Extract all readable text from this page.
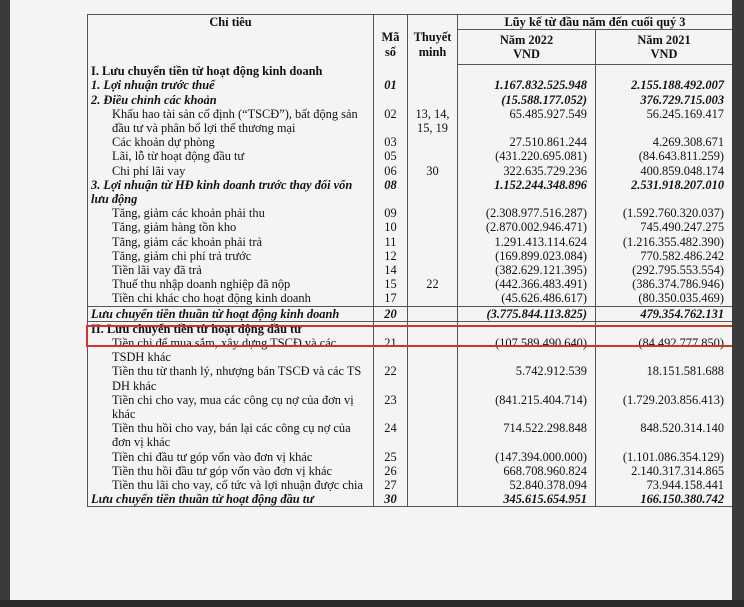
Chỉ tiêu	Mã số	Thuyết minh	Lũy kế từ đầu năm đến cuối quý 3	
			Năm 2022	Năm 2021
			VND	VND
I. Lưu chuyển tiền từ hoạt động kinh doanh				
1. Lợi nhuận trước thuế	01		1.167.832.525.948	2.155.188.492.007
2. Điều chỉnh các khoản			(15.588.177.052)	376.729.715.003
Khấu hao tài sản cố định (“TSCĐ”), bất động sản đầu tư và phân bổ lợi thế thương mại	02	13, 14, 15, 19	65.485.927.549	56.245.169.417
Các khoản dự phòng	03		27.510.861.244	4.269.308.671
Lãi, lỗ từ hoạt động đầu tư	05		(431.220.695.081)	(84.643.811.259)
Chi phí lãi vay	06	30	322.635.729.236	400.859.048.174
3. Lợi nhuận từ HĐ kinh doanh trước thay đổi vốn lưu động	08		1.152.244.348.896	2.531.918.207.010
Tăng, giảm các khoản phải thu	09		(2.308.977.516.287)	(1.592.760.320.037)
Tăng, giảm hàng tồn kho	10		(2.870.002.946.471)	745.490.247.275
Tăng, giảm các khoản phải trả	11		1.291.413.114.624	(1.216.355.482.390)
Tăng, giảm chi phí trả trước	12		(169.899.023.084)	770.582.486.242
Tiền lãi vay đã trả	14		(382.629.121.395)	(292.795.553.554)
Thuế thu nhập doanh nghiệp đã nộp	15	22	(442.366.483.491)	(386.374.786.946)
Tiền chi khác cho hoạt động kinh doanh	17		(45.626.486.617)	(80.350.035.469)
Lưu chuyển tiền thuần từ hoạt động kinh doanh	20		(3.775.844.113.825)	479.354.762.131
II. Lưu chuyển tiền từ hoạt động đầu tư				
Tiền chi để mua sắm, xây dựng TSCĐ và các TSDH khác	21		(107.589.490.640)	(84.492.777.850)
Tiền thu từ thanh lý, nhượng bán TSCĐ và các TS DH khác	22		5.742.912.539	18.151.581.688
Tiền chi cho vay, mua các công cụ nợ của đơn vị khác	23		(841.215.404.714)	(1.729.203.856.413)
Tiền thu hồi cho vay, bán lại các công cụ nợ của đơn vị khác	24		714.522.298.848	848.520.314.140
Tiền chi đầu tư góp vốn vào đơn vị khác	25		(147.394.000.000)	(1.101.086.354.129)
Tiền thu hồi đầu tư góp vốn vào đơn vị khác	26		668.708.960.824	2.140.317.314.865
Tiền thu lãi cho vay, cổ tức và lợi nhuận được chia	27		52.840.378.094	73.944.158.441
Lưu chuyển tiền thuần từ hoạt động đầu tư	30		345.615.654.951	166.150.380.742
